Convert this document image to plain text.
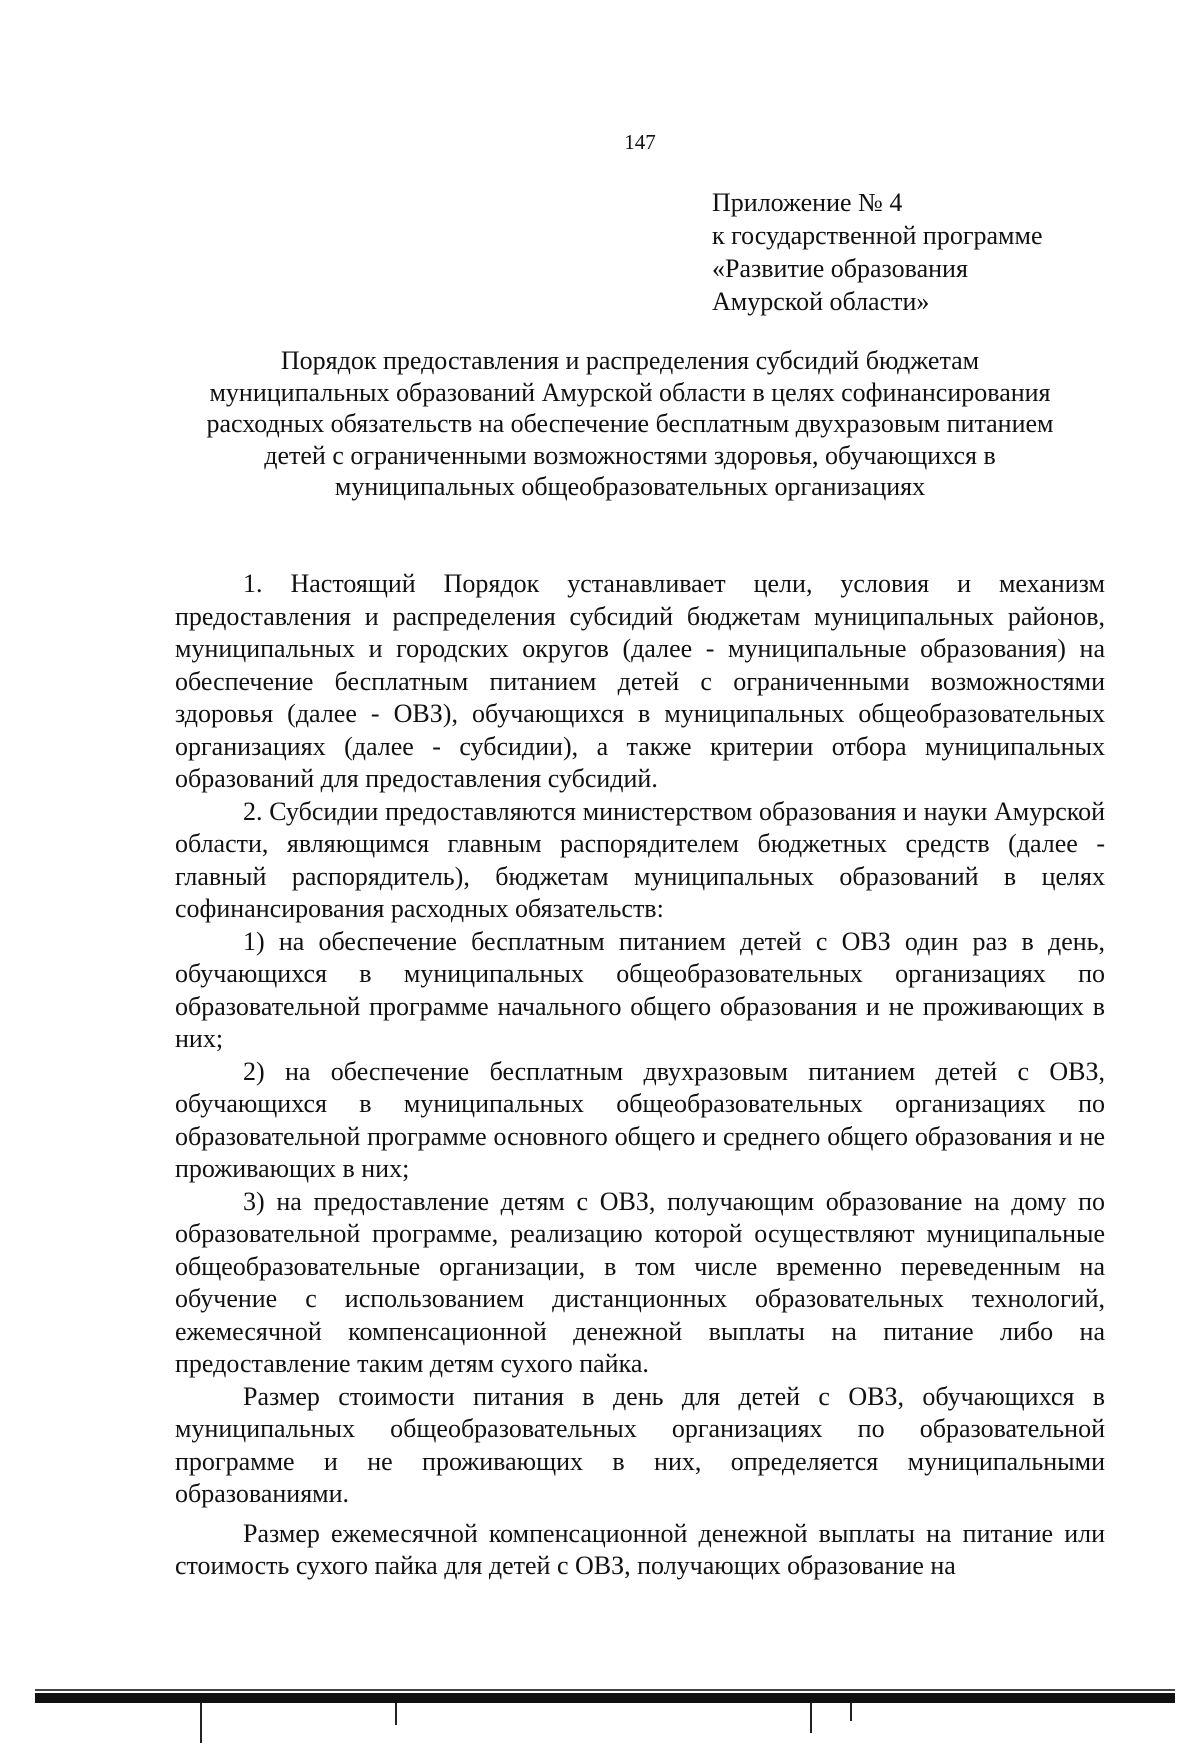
147
Приложение № 4
к государственной программе
«Развитие образования
Амурской области»
Порядок предоставления и распределения субсидий бюджетам
муниципальных образований Амурской области в целях софинансирования
расходных обязательств на обеспечение бесплатным двухразовым питанием
детей с ограниченными возможностями здоровья, обучающихся в
муниципальных общеобразовательных организациях

1. Настоящий Порядок устанавливает цели, условия и механизм предоставления и распределения субсидий бюджетам муниципальных районов, муниципальных и городских округов (далее - муниципальные образования) на обеспечение бесплатным питанием детей с ограниченными возможностями здоровья (далее - ОВЗ), обучающихся в муниципальных общеобразовательных организациях (далее - субсидии), а также критерии отбора муниципальных образований для предоставления субсидий.

2. Субсидии предоставляются министерством образования и науки Амурской области, являющимся главным распорядителем бюджетных средств (далее - главный распорядитель), бюджетам муниципальных образований в целях софинансирования расходных обязательств:

1) на обеспечение бесплатным питанием детей с ОВЗ один раз в день, обучающихся в муниципальных общеобразовательных организациях по образовательной программе начального общего образования и не проживающих в них;

2) на обеспечение бесплатным двухразовым питанием детей с ОВЗ, обучающихся в муниципальных общеобразовательных организациях по образовательной программе основного общего и среднего общего образования и не проживающих в них;

3) на предоставление детям с ОВЗ, получающим образование на дому по образовательной программе, реализацию которой осуществляют муниципальные общеобразовательные организации, в том числе временно переведенным на обучение с использованием дистанционных образовательных технологий, ежемесячной компенсационной денежной выплаты на питание либо на предоставление таким детям сухого пайка.

Размер стоимости питания в день для детей с ОВЗ, обучающихся в муниципальных общеобразовательных организациях по образовательной программе и не проживающих в них, определяется муниципальными образованиями.

Размер ежемесячной компенсационной денежной выплаты на питание или стоимость сухого пайка для детей с ОВЗ, получающих образование на
